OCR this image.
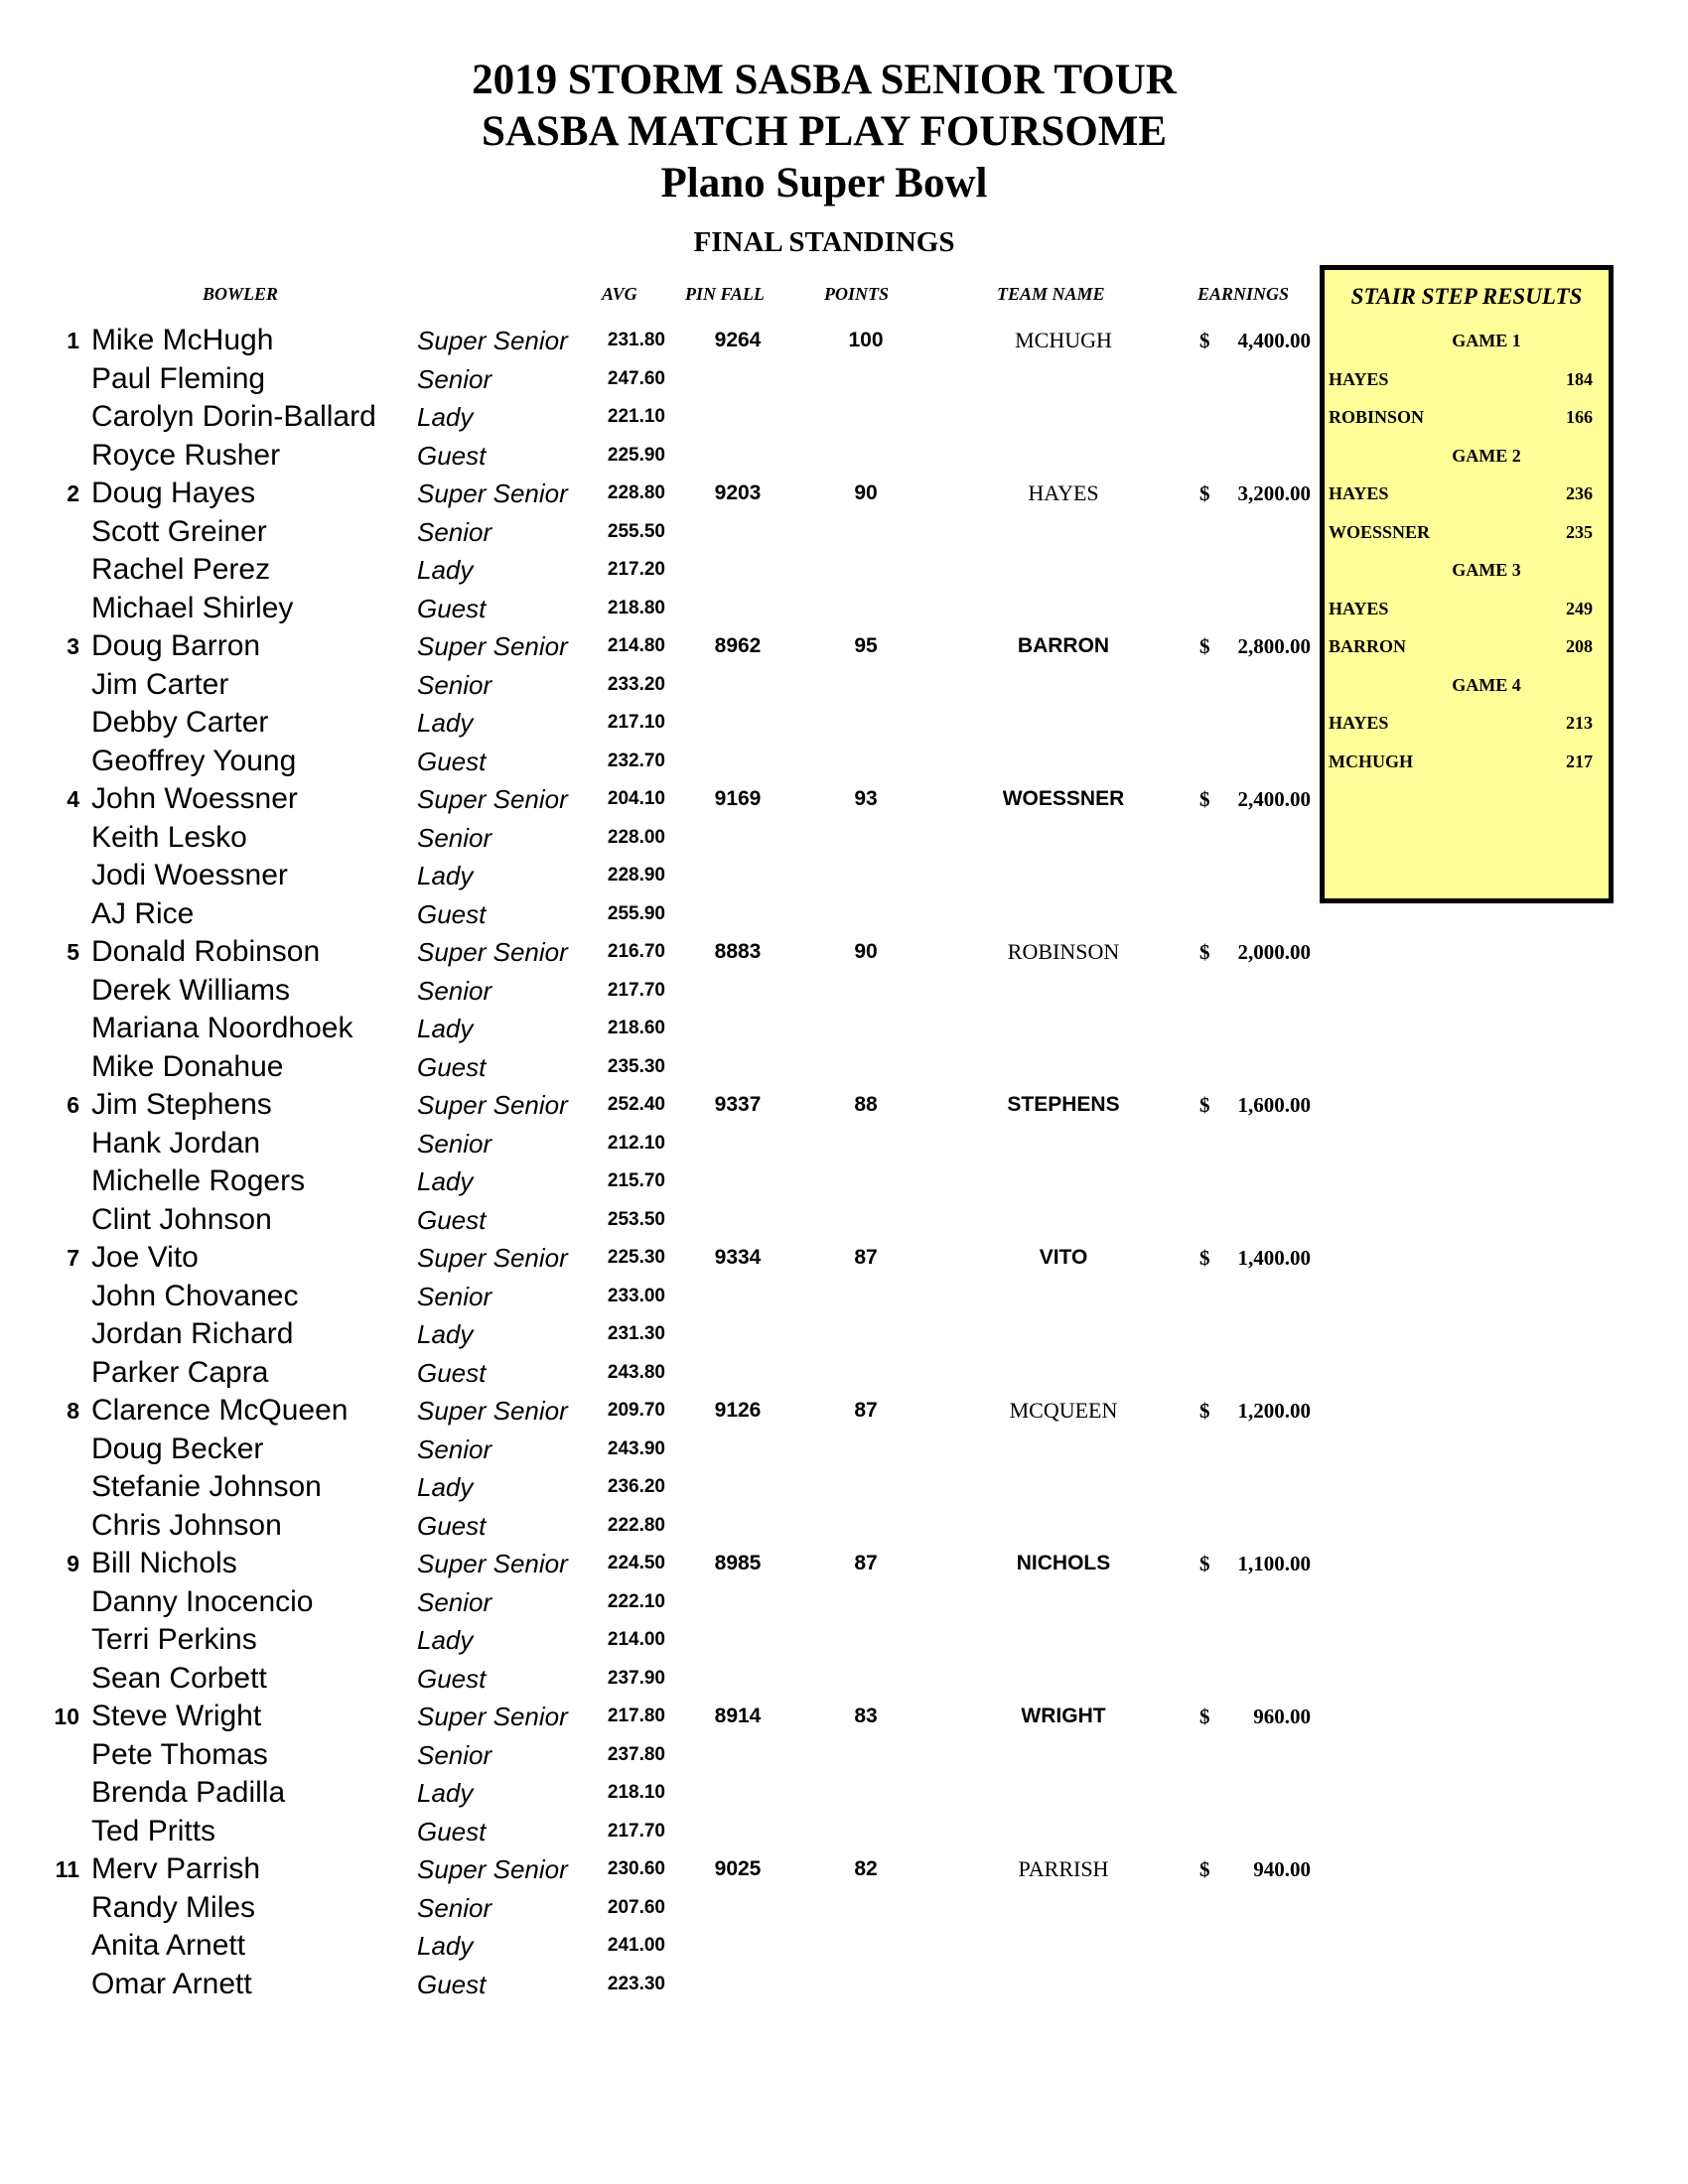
2019 STORM SASBA SENIOR TOUR
SASBA MATCH PLAY FOURSOME
Plano Super Bowl
FINAL STANDINGS
BOWLER	AVG	PIN FALL	POINTS	TEAM NAME	EARNINGS
1 Mike McHugh	Super Senior	231.80	9264	100	MCHUGH	$ 4,400.00
Paul Fleming	Senior	247.60
Carolyn Dorin-Ballard Lady	221.10
Royce Rusher	Guest	225.90
2 Doug Hayes	Super Senior	228.80	9203	90	HAYES	$ 3,200.00
Scott Greiner	Senior	255.50
Rachel Perez	Lady	217.20
Michael Shirley	Guest	218.80
3 Doug Barron	Super Senior	214.80	8962	95	BARRON	$ 2,800.00
Jim Carter	Senior	233.20
Debby Carter	Lady	217.10
Geoffrey Young	Guest	232.70
4 John Woessner	Super Senior	204.10	9169	93	WOESSNER	$ 2,400.00
Keith Lesko	Senior	228.00
Jodi Woessner	Lady	228.90
AJ Rice	Guest	255.90
5 Donald Robinson	Super Senior	216.70	8883	90	ROBINSON	$ 2,000.00
Derek Williams	Senior	217.70
Mariana Noordhoek Lady	218.60
Mike Donahue	Guest	235.30
6 Jim Stephens	Super Senior	252.40	9337	88	STEPHENS	$ 1,600.00
Hank Jordan	Senior	212.10
Michelle Rogers	Lady	215.70
Clint Johnson	Guest	253.50
7 Joe Vito	Super Senior	225.30	9334	87	VITO	$ 1,400.00
John Chovanec	Senior	233.00
Jordan Richard	Lady	231.30
Parker Capra	Guest	243.80
8 Clarence McQueen	Super Senior	209.70	9126	87	MCQUEEN	$ 1,200.00
Doug Becker	Senior	243.90
Stefanie Johnson	Lady	236.20
Chris Johnson	Guest	222.80
9 Bill Nichols	Super Senior	224.50	8985	87	NICHOLS	$ 1,100.00
Danny Inocencio	Senior	222.10
Terri Perkins	Lady	214.00
Sean Corbett	Guest	237.90
10 Steve Wright	Super Senior	217.80	8914	83	WRIGHT	$ 960.00
Pete Thomas	Senior	237.80
Brenda Padilla	Lady	218.10
Ted Pritts	Guest	217.70
11 Merv Parrish	Super Senior	230.60	9025	82	PARRISH	$ 940.00
Randy Miles	Senior	207.60
Anita Arnett	Lady	241.00
Omar Arnett	Guest	223.30
STAIR STEP RESULTS
GAME 1
HAYES	184
ROBINSON	166
GAME 2
HAYES	236
WOESSNER	235
GAME 3
HAYES	249
BARRON	208
GAME 4
HAYES	213
MCHUGH	217
